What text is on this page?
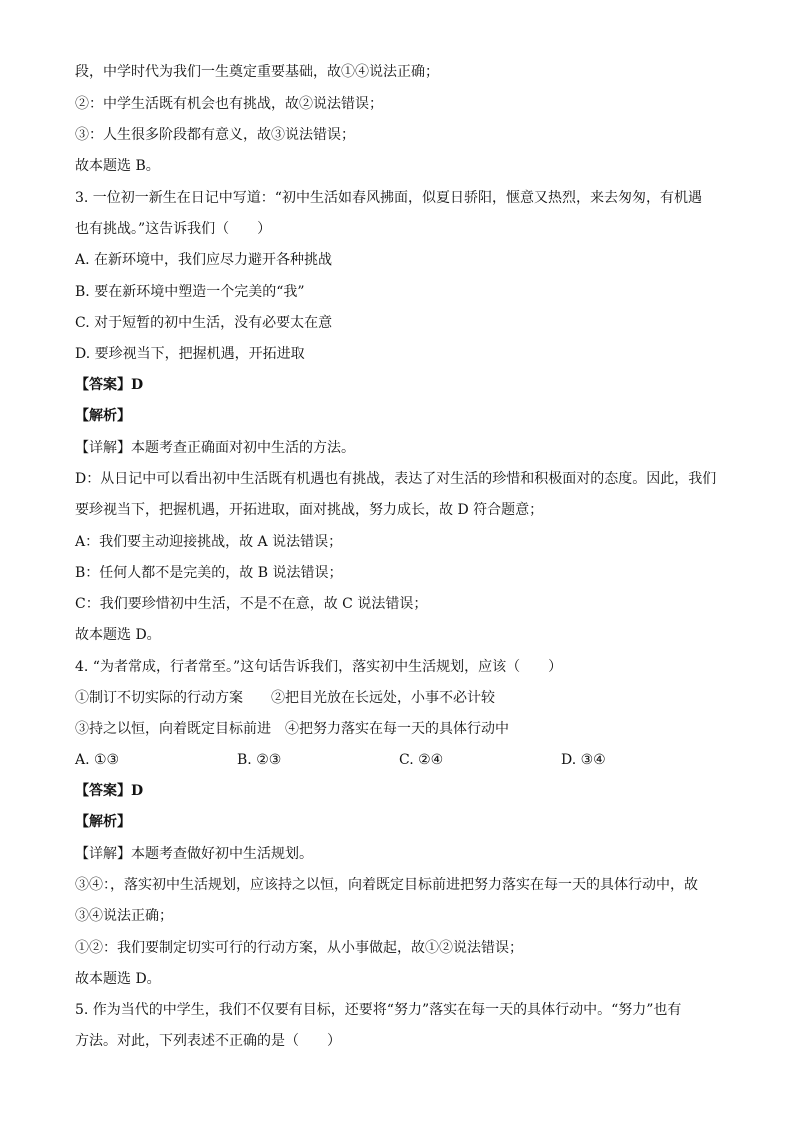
段，中学时代为我们一生奠定重要基础，故①④说法正确；
②：中学生活既有机会也有挑战，故②说法错误；
③：人生很多阶段都有意义，故③说法错误；
故本题选 B。
3. 一位初一新生在日记中写道：“初中生活如春风拂面，似夏日骄阳，惬意又热烈，来去匆匆，有机遇
也有挑战。”这告诉我们（　　）
A. 在新环境中，我们应尽力避开各种挑战
B. 要在新环境中塑造一个完美的“我”
C. 对于短暂的初中生活，没有必要太在意
D. 要珍视当下，把握机遇，开拓进取
【答案】D
【解析】
【详解】本题考查正确面对初中生活的方法。
D：从日记中可以看出初中生活既有机遇也有挑战，表达了对生活的珍惜和积极面对的态度。因此，我们
要珍视当下，把握机遇，开拓进取，面对挑战，努力成长，故 D 符合题意；
A：我们要主动迎接挑战，故 A 说法错误；
B：任何人都不是完美的，故 B 说法错误；
C：我们要珍惜初中生活，不是不在意，故 C 说法错误；
故本题选 D。
4. “为者常成，行者常至。”这句话告诉我们，落实初中生活规划，应该（　　）
①制订不切实际的行动方案　　②把目光放在长远处，小事不必计较
③持之以恒，向着既定目标前进　④把努力落实在每一天的具体行动中
A. ①③	B. ②③	C. ②④	D. ③④
【答案】D
【解析】
【详解】本题考查做好初中生活规划。
③④：，落实初中生活规划，应该持之以恒，向着既定目标前进把努力落实在每一天的具体行动中，故
③④说法正确；
①②：我们要制定切实可行的行动方案，从小事做起，故①②说法错误；
故本题选 D。
5. 作为当代的中学生，我们不仅要有目标，还要将“努力”落实在每一天的具体行动中。“努力”也有
方法。对此，下列表述不正确的是（　　）
